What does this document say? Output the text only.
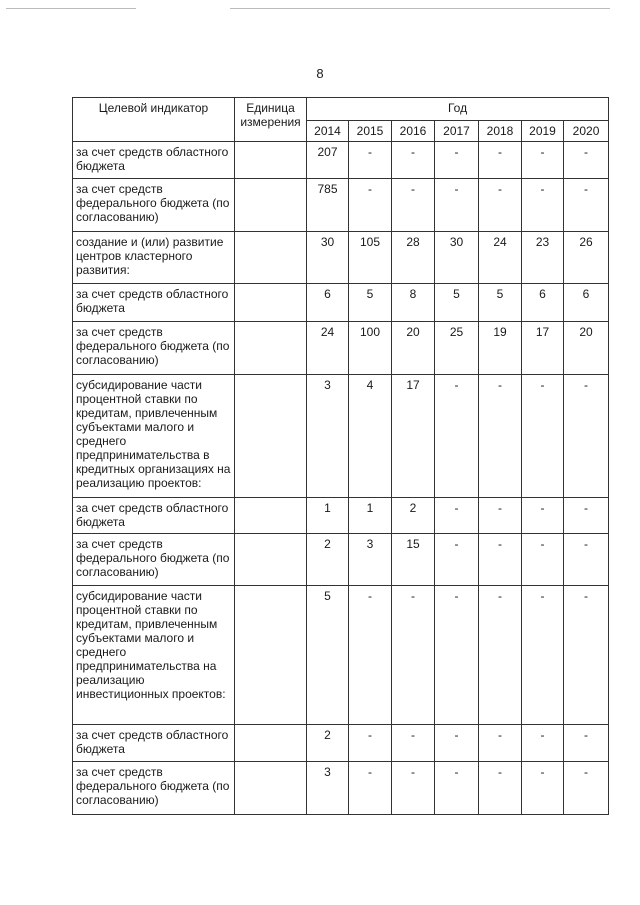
8
Целевой индикатор	Единица измерения	Год						
		2014	2015	2016	2017	2018	2019	2020
за счет средств областного бюджета		207	-	-	-	-	-	-
за счет средств федерального бюджета (по согласованию)		785	-	-	-	-	-	-
создание и (или) развитие центров кластерного развития:		30	105	28	30	24	23	26
за счет средств областного бюджета		6	5	8	5	5	6	6
за счет средств федерального бюджета (по согласованию)		24	100	20	25	19	17	20
субсидирование части процентной ставки по кредитам, привлеченным субъектами малого и среднего предпринимательства в кредитных организациях на реализацию проектов:		3	4	17	-	-	-	-
за счет средств областного бюджета		1	1	2	-	-	-	-
за счет средств федерального бюджета (по согласованию)		2	3	15	-	-	-	-
субсидирование части процентной ставки по кредитам, привлеченным субъектами малого и среднего предпринимательства на реализацию инвестиционных проектов:		5	-	-	-	-	-	-
за счет средств областного бюджета		2	-	-	-	-	-	-
за счет средств федерального бюджета (по согласованию)		3	-	-	-	-	-	-
